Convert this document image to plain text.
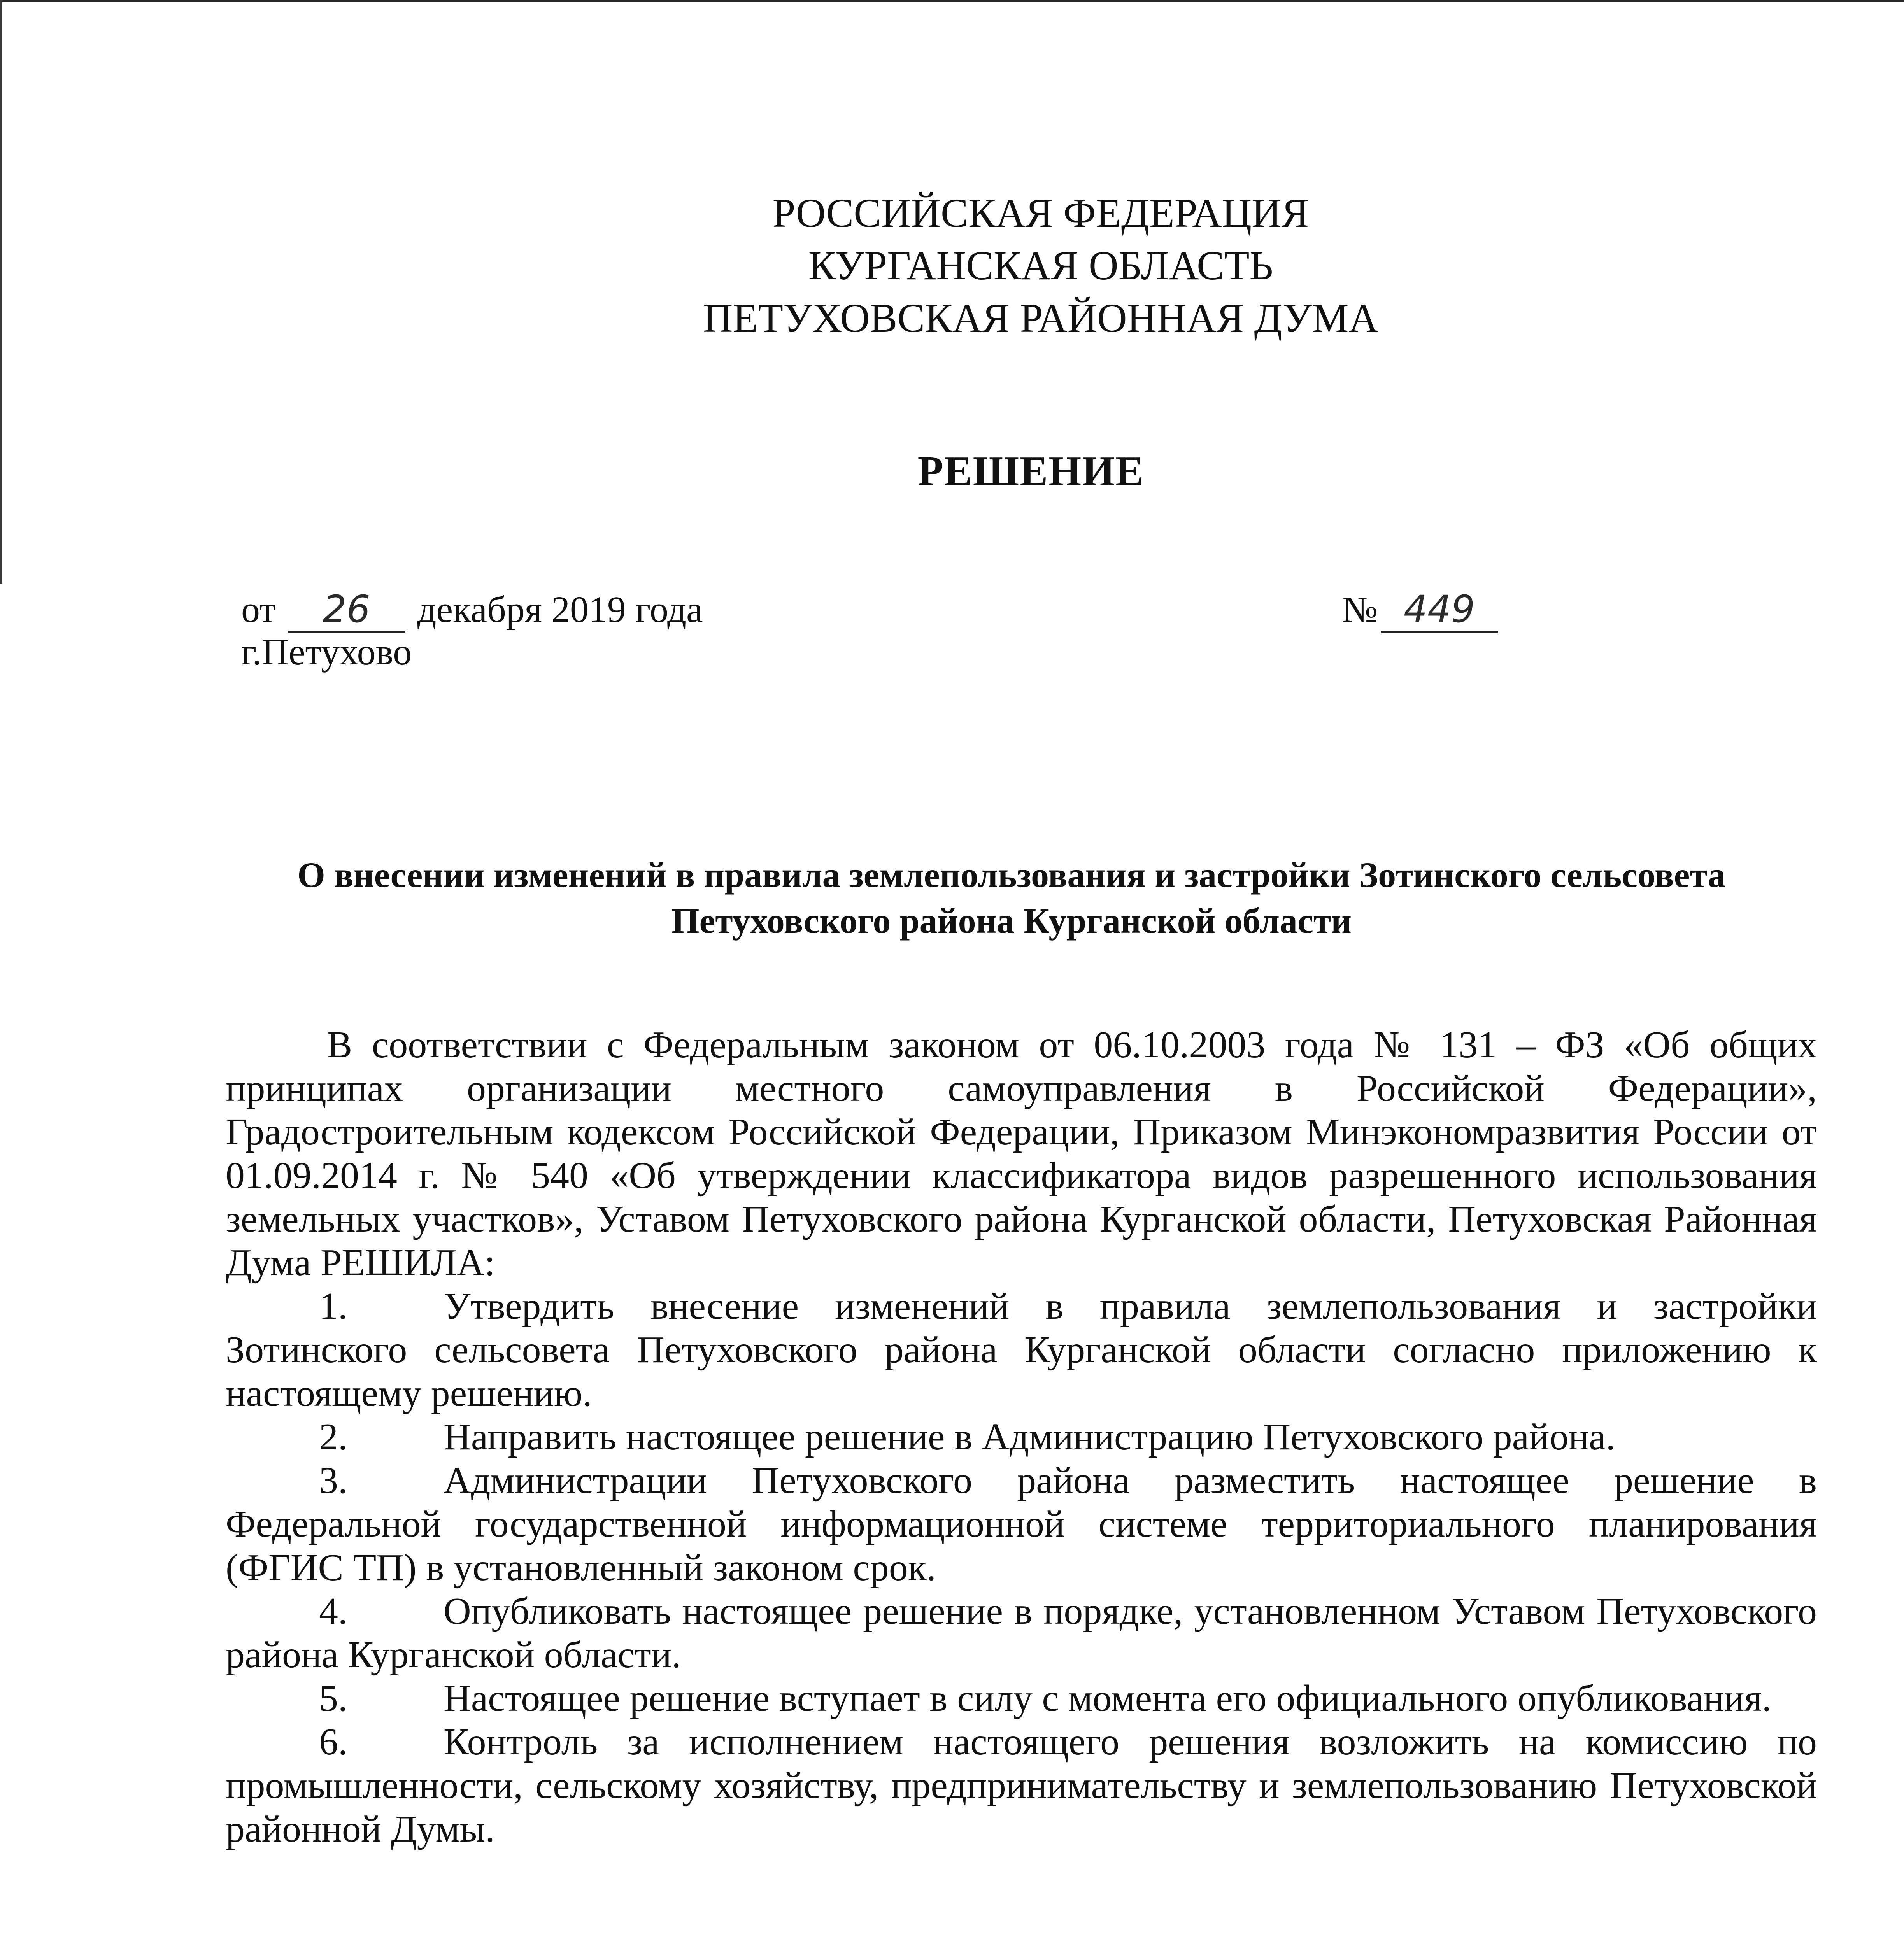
РОССИЙСКАЯ ФЕДЕРАЦИЯ
КУРГАНСКАЯ ОБЛАСТЬ
ПЕТУХОВСКАЯ РАЙОННАЯ ДУМА
РЕШЕНИЕ
от 26 декабря 2019 года
г.Петухово
№ 449
О внесении изменений в правила землепользования и застройки Зотинского сельсовета
Петуховского района Курганской области

В соответствии с Федеральным законом от 06.10.2003 года № 131 – ФЗ «Об общих принципах организации местного самоуправления в Российской Федерации», Градостроительным кодексом Российской Федерации, Приказом Минэкономразвития России от 01.09.2014 г. № 540 «Об утверждении классификатора видов разрешенного использования земельных участков», Уставом Петуховского района Курганской области, Петуховская Районная Дума РЕШИЛА:

1.	Утвердить внесение изменений в правила землепользования и застройки Зотинского сельсовета Петуховского района Курганской области согласно приложению к настоящему решению.
2.	Направить настоящее решение в Администрацию Петуховского района.
3.	Администрации Петуховского района разместить настоящее решение в Федеральной государственной информационной системе территориального планирования (ФГИС ТП) в установленный законом срок.
4.	Опубликовать настоящее решение в порядке, установленном Уставом Петуховского района Курганской области.
5.	Настоящее решение вступает в силу с момента его официального опубликования.
6.	Контроль за исполнением настоящего решения возложить на комиссию по промышленности, сельскому хозяйству, предпринимательству и землепользованию Петуховской районной Думы.
